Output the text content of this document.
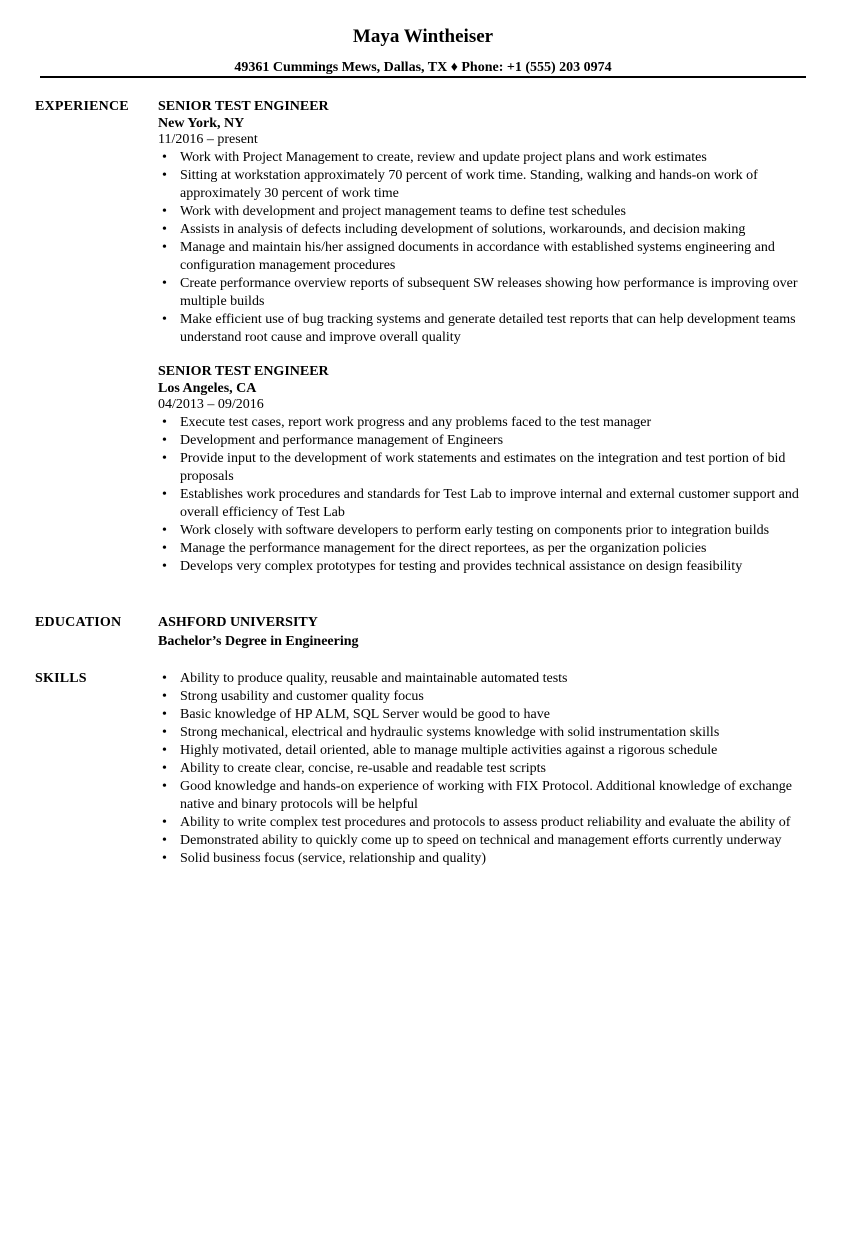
Maya Wintheiser
49361 Cummings Mews, Dallas, TX ♦ Phone: +1 (555) 203 0974
EXPERIENCE SENIOR TEST ENGINEER
New York, NY
11/2016 – present
• Work with Project Management to create, review and update project plans and work estimates
• Sitting at workstation approximately 70 percent of work time. Standing, walking and hands-on work of approximately 30 percent of work time
• Work with development and project management teams to define test schedules
• Assists in analysis of defects including development of solutions, workarounds, and decision making
• Manage and maintain his/her assigned documents in accordance with established systems engineering and configuration management procedures
• Create performance overview reports of subsequent SW releases showing how performance is improving over multiple builds
• Make efficient use of bug tracking systems and generate detailed test reports that can help development teams understand root cause and improve overall quality
SENIOR TEST ENGINEER
Los Angeles, CA
04/2013 – 09/2016
• Execute test cases, report work progress and any problems faced to the test manager
• Development and performance management of Engineers
• Provide input to the development of work statements and estimates on the integration and test portion of bid proposals
• Establishes work procedures and standards for Test Lab to improve internal and external customer support and overall efficiency of Test Lab
• Work closely with software developers to perform early testing on components prior to integration builds
• Manage the performance management for the direct reportees, as per the organization policies
• Develops very complex prototypes for testing and provides technical assistance on design feasibility
EDUCATION	ASHFORD UNIVERSITY
Bachelor’s Degree in Engineering
SKILLS	• Ability to produce quality, reusable and maintainable automated tests
• Strong usability and customer quality focus
• Basic knowledge of HP ALM, SQL Server would be good to have
• Strong mechanical, electrical and hydraulic systems knowledge with solid instrumentation skills
• Highly motivated, detail oriented, able to manage multiple activities against a rigorous schedule
• Ability to create clear, concise, re-usable and readable test scripts
• Good knowledge and hands-on experience of working with FIX Protocol. Additional knowledge of exchange native and binary protocols will be helpful
• Ability to write complex test procedures and protocols to assess product reliability and evaluate the ability of
• Demonstrated ability to quickly come up to speed on technical and management efforts currently underway
• Solid business focus (service, relationship and quality)
